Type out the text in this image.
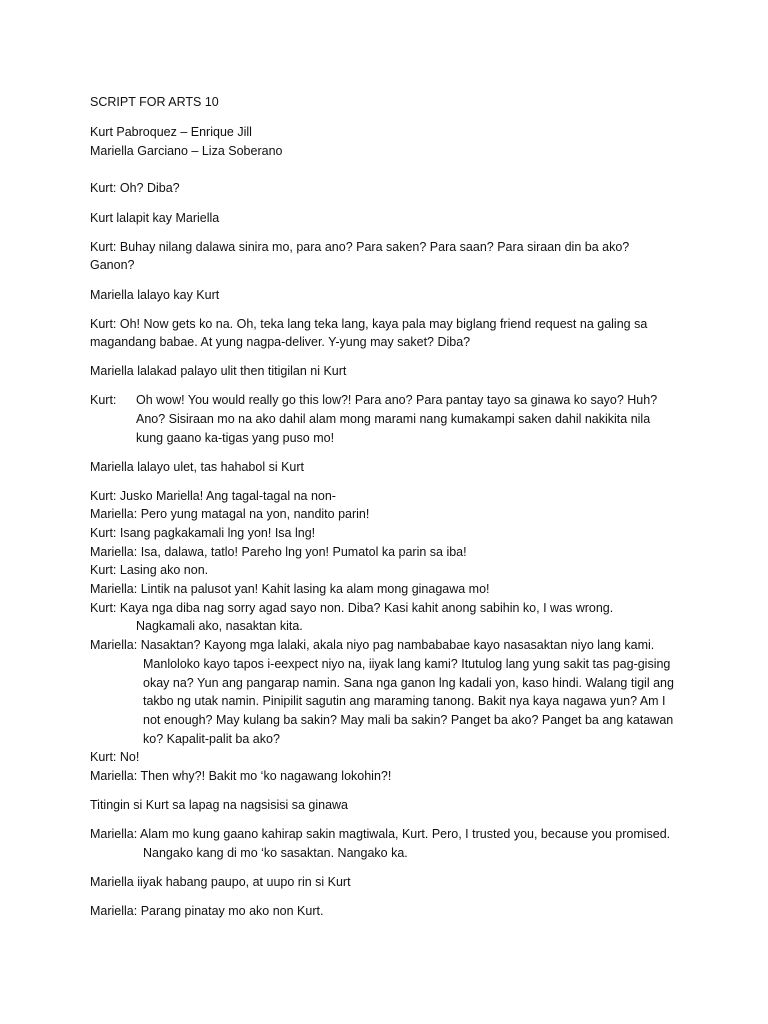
SCRIPT FOR ARTS 10
Kurt Pabroquez – Enrique Jill
Mariella Garciano – Liza Soberano
Kurt: Oh? Diba?
Kurt lalapit kay Mariella
Kurt: Buhay nilang dalawa sinira mo, para ano? Para saken? Para saan? Para siraan din ba ako?
Ganon?
Mariella lalayo kay Kurt
Kurt: Oh! Now gets ko na. Oh, teka lang teka lang, kaya pala may biglang friend request na galing sa
magandang babae. At yung nagpa-deliver. Y-yung may saket? Diba?
Mariella lalakad palayo ulit then titigilan ni Kurt
Kurt: Oh wow! You would really go this low?! Para ano? Para pantay tayo sa ginawa ko sayo? Huh?
Ano? Sisiraan mo na ako dahil alam mong marami nang kumakampi saken dahil nakikita nila
kung gaano ka-tigas yang puso mo!
Mariella lalayo ulet, tas hahabol si Kurt
Kurt: Jusko Mariella! Ang tagal-tagal na non-
Mariella: Pero yung matagal na yon, nandito parin!
Kurt: Isang pagkakamali lng yon! Isa lng!
Mariella: Isa, dalawa, tatlo! Pareho lng yon! Pumatol ka parin sa iba!
Kurt: Lasing ako non.
Mariella: Lintik na palusot yan! Kahit lasing ka alam mong ginagawa mo!
Kurt: Kaya nga diba nag sorry agad sayo non. Diba? Kasi kahit anong sabihin ko, I was wrong.
Nagkamali ako, nasaktan kita.
Mariella: Nasaktan? Kayong mga lalaki, akala niyo pag nambababae kayo nasasaktan niyo lang kami.
Manloloko kayo tapos i-eexpect niyo na, iiyak lang kami? Itutulog lang yung sakit tas pag-gising
okay na? Yun ang pangarap namin. Sana nga ganon lng kadali yon, kaso hindi. Walang tigil ang
takbo ng utak namin. Pinipilit sagutin ang maraming tanong. Bakit nya kaya nagawa yun? Am I
not enough? May kulang ba sakin? May mali ba sakin? Panget ba ako? Panget ba ang katawan
ko? Kapalit-palit ba ako?
Kurt: No!
Mariella: Then why?! Bakit mo ‘ko nagawang lokohin?!
Titingin si Kurt sa lapag na nagsisisi sa ginawa
Mariella: Alam mo kung gaano kahirap sakin magtiwala, Kurt. Pero, I trusted you, because you promised.
Nangako kang di mo ‘ko sasaktan. Nangako ka.
Mariella iiyak habang paupo, at uupo rin si Kurt
Mariella: Parang pinatay mo ako non Kurt.
